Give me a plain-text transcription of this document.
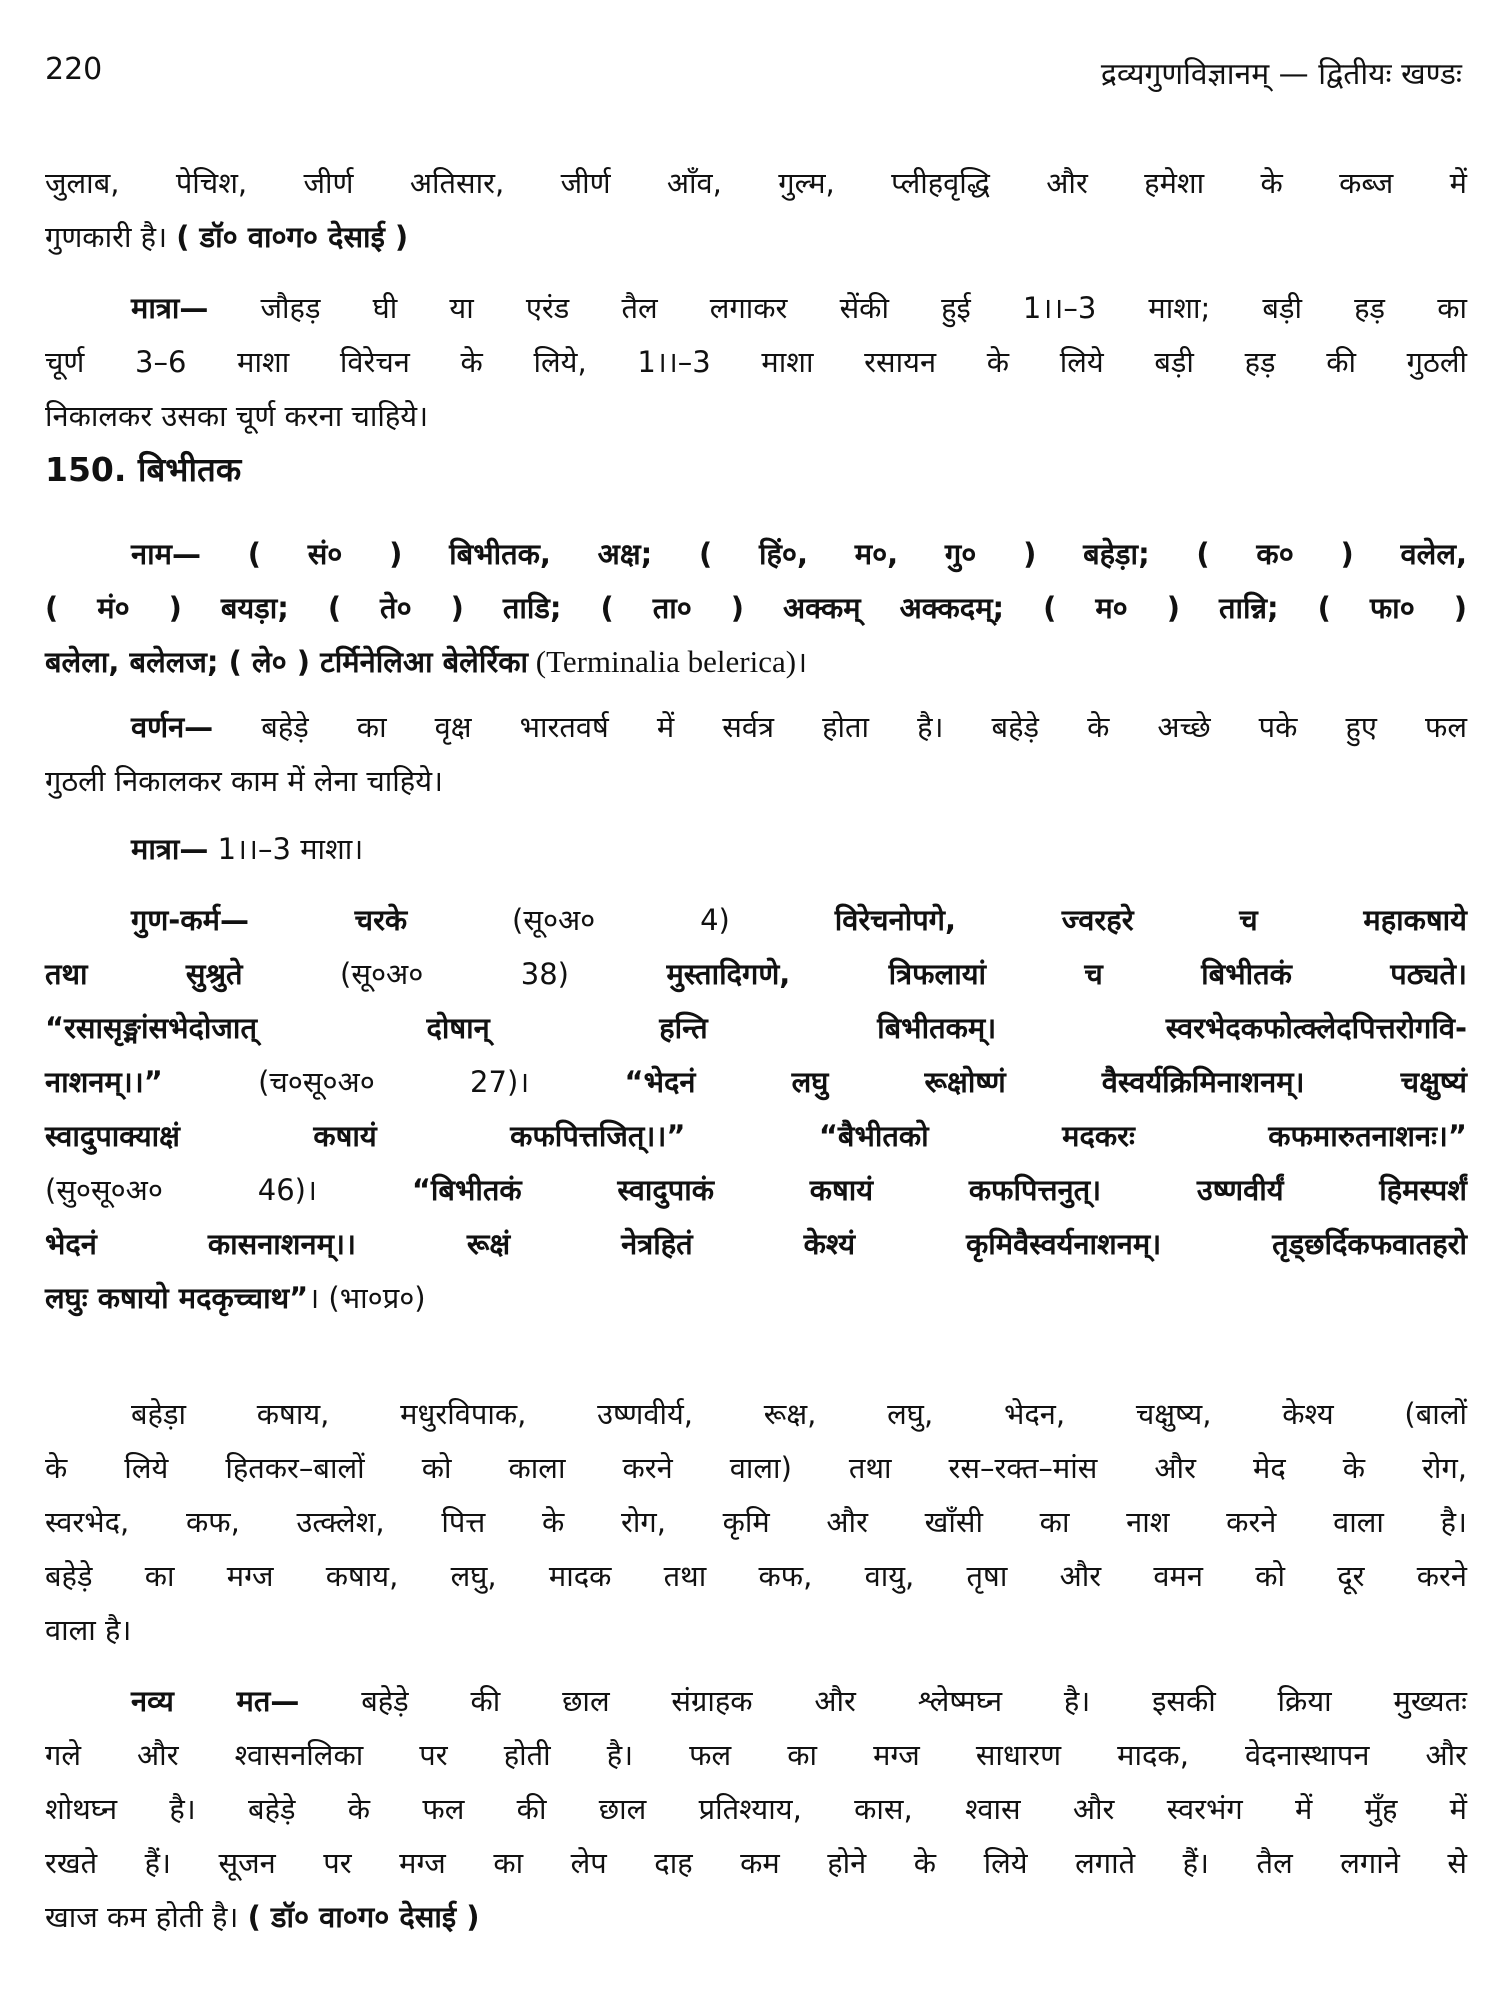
220	द्रव्यगुणविज्ञानम् — द्वितीयः खण्डः
जुलाब, पेचिश, जीर्ण अतिसार, जीर्ण आँव, गुल्म, प्लीहवृद्धि और हमेशा के कब्ज में
गुणकारी है। ( डॉ० वा०ग० देसाई )
मात्रा— जौहड़ घी या एरंड तैल लगाकर सेंकी हुई 1।।–3 माशा; बड़ी हड़ का
चूर्ण 3–6 माशा विरेचन के लिये, 1।।–3 माशा रसायन के लिये बड़ी हड़ की गुठली
निकालकर उसका चूर्ण करना चाहिये।
150. बिभीतक
नाम— ( सं० ) बिभीतक, अक्ष; ( हिं०, म०, गु० ) बहेड़ा; ( क० ) वलेल,
( मं० ) बयड़ा; ( ते० ) ताडि; ( ता० ) अक्कम् अक्कदम्; ( म० ) तान्नि; ( फा० )
बलेला, बलेलज; ( ले० ) टर्मिनेलिआ बेलेर्रिका (Terminalia belerica)।
वर्णन— बहेड़े का वृक्ष भारतवर्ष में सर्वत्र होता है। बहेड़े के अच्छे पके हुए फल
गुठली निकालकर काम में लेना चाहिये।
मात्रा— 1।।–3 माशा।
गुण-कर्म— चरके (सू०अ० 4) विरेचनोपगे, ज्वरहरे च महाकषाये
तथा सुश्रुते (सू०अ० 38) मुस्तादिगणे, त्रिफलायां च बिभीतकं पठ्यते।
“रसासृङ्मांसभेदोजात् दोषान् हन्ति बिभीतकम्। स्वरभेदकफोत्क्लेदपित्तरोगवि-
नाशनम्।।” (च०सू०अ० 27)। “भेदनं लघु रूक्षोष्णं वैस्वर्यक्रिमिनाशनम्। चक्षुष्यं
स्वादुपाक्याक्षं कषायं कफपित्तजित्।।” “बैभीतको मदकरः कफमारुतनाशनः।”
(सु०सू०अ० 46)। “बिभीतकं स्वादुपाकं कषायं कफपित्तनुत्। उष्णवीर्यं हिमस्पर्शं
भेदनं कासनाशनम्।। रूक्षं नेत्रहितं केश्यं कृमिवैस्वर्यनाशनम्। तृड्छर्दिकफवातहरो
लघुः कषायो मदकृच्चाथ”। (भा०प्र०)
बहेड़ा कषाय, मधुरविपाक, उष्णवीर्य, रूक्ष, लघु, भेदन, चक्षुष्य, केश्य (बालों
के लिये हितकर–बालों को काला करने वाला) तथा रस–रक्त–मांस और मेद के रोग,
स्वरभेद, कफ, उत्क्लेश, पित्त के रोग, कृमि और खाँसी का नाश करने वाला है।
बहेड़े का मग्ज कषाय, लघु, मादक तथा कफ, वायु, तृषा और वमन को दूर करने
वाला है।
नव्य मत— बहेड़े की छाल संग्राहक और श्लेष्मघ्न है। इसकी क्रिया मुख्यतः
गले और श्वासनलिका पर होती है। फल का मग्ज साधारण मादक, वेदनास्थापन और
शोथघ्न है। बहेड़े के फल की छाल प्रतिश्याय, कास, श्वास और स्वरभंग में मुँह में
रखते हैं। सूजन पर मग्ज का लेप दाह कम होने के लिये लगाते हैं। तैल लगाने से
खाज कम होती है। ( डॉ० वा०ग० देसाई )
